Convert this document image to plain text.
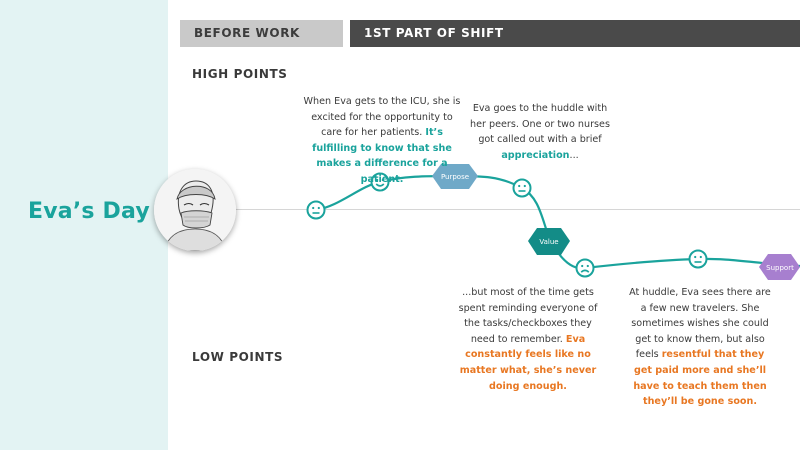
Eva’s Day
BEFORE WORK	1ST PART OF SHIFT
HIGH POINTS
LOW POINTS
Purpose
Value
Support
When Eva gets to the ICU, she is excited for the opportunity to care for her patients. It’s fulfilling to know that she makes a difference for a patient.
Eva goes to the huddle with her peers. One or two nurses got called out with a brief appreciation...
...but most of the time gets spent reminding everyone of the tasks/checkboxes they need to remember. Eva constantly feels like no matter what, she’s never doing enough.
At huddle, Eva sees there are a few new travelers. She sometimes wishes she could get to know them, but also feels resentful that they get paid more and she’ll have to teach them then they’ll be gone soon.
